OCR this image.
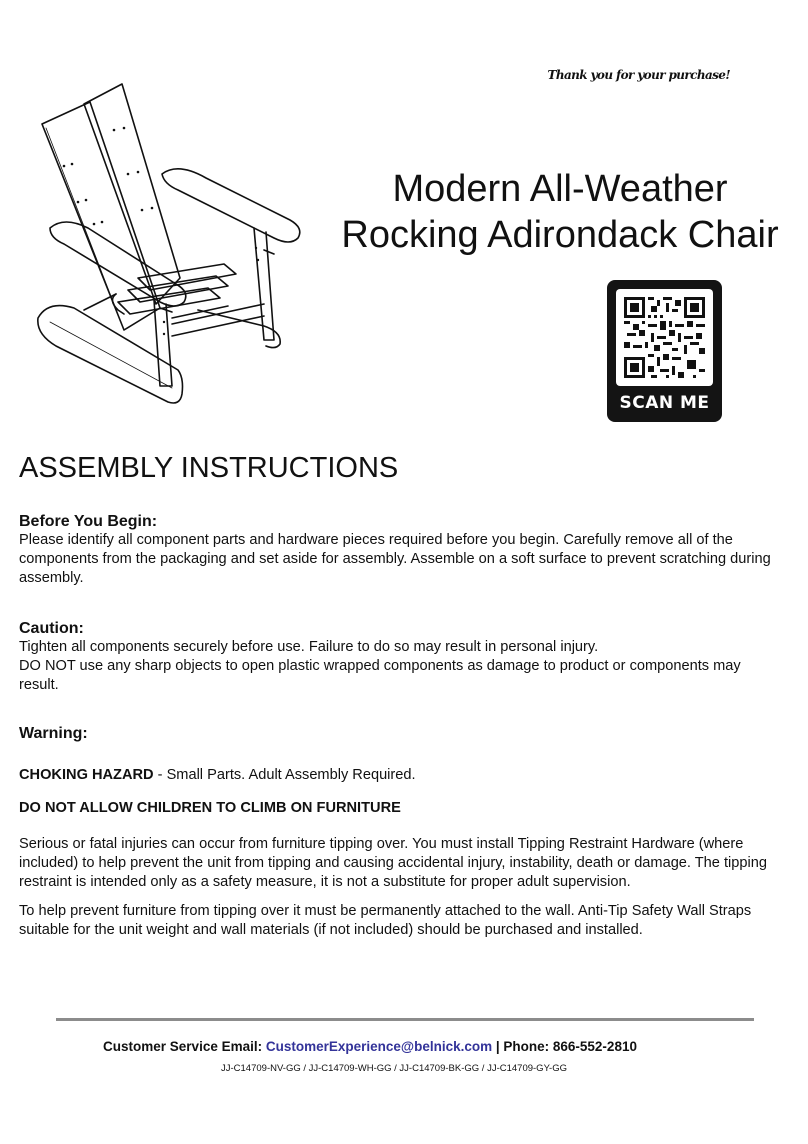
Thank you for your purchase!
Modern All-Weather
Rocking Adirondack Chair
SCAN ME
ASSEMBLY INSTRUCTIONS
Before You Begin:

Please identify all component parts and hardware pieces required before you begin. Carefully remove all of the components from the packaging and set aside for assembly. Assemble on a soft surface to prevent scratching during assembly.

Caution:

Tighten all components securely before use. Failure to do so may result in personal injury.

DO NOT use any sharp objects to open plastic wrapped components as damage to product or components may result.

Warning:

CHOKING HAZARD - Small Parts. Adult Assembly Required.

DO NOT ALLOW CHILDREN TO CLIMB ON FURNITURE

Serious or fatal injuries can occur from furniture tipping over. You must install Tipping Restraint Hardware (where included) to help prevent the unit from tipping and causing accidental injury, instability, death or damage. The tipping restraint is intended only as a safety measure, it is not a substitute for proper adult supervision.

To help prevent furniture from tipping over it must be permanently attached to the wall. Anti-Tip Safety Wall Straps suitable for the unit weight and wall materials (if not included) should be purchased and installed.

Customer Service Email: CustomerExperience@belnick.com | Phone: 866-552-2810
JJ-C14709-NV-GG / JJ-C14709-WH-GG / JJ-C14709-BK-GG / JJ-C14709-GY-GG
